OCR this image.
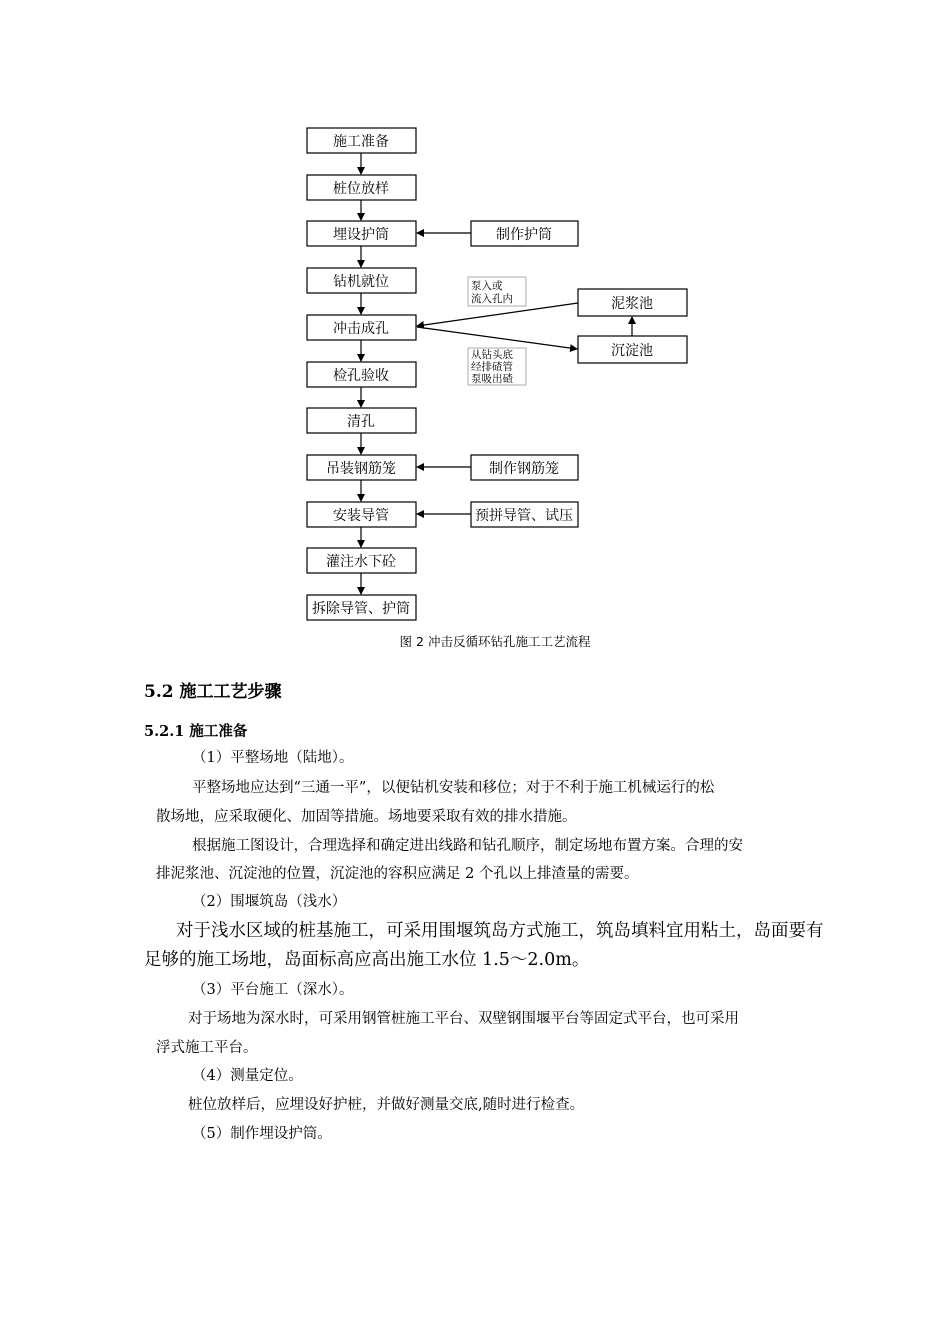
施工准备
桩位放样
埋设护筒
钻机就位
冲击成孔
检孔验收
清孔
吊装钢筋笼
安装导管
灌注水下砼
拆除导管、护筒
制作护筒
泥浆池
沉淀池
泵入或
流入孔内
从钻头底
经排碴管
泵吸出碴
制作钢筋笼
预拼导管、试压
图 2 冲击反循环钻孔施工工艺流程
5.2 施工工艺步骤
5.2.1 施工准备
（1）平整场地（陆地）。
平整场地应达到“三通一平”，以便钻机安装和移位；对于不利于施工机械运行的松
散场地，应采取硬化、加固等措施。场地要采取有效的排水措施。
根据施工图设计，合理选择和确定进出线路和钻孔顺序，制定场地布置方案。合理的安
排泥浆池、沉淀池的位置，沉淀池的容积应满足 2 个孔以上排渣量的需要。
（2）围堰筑岛（浅水）
对于浅水区域的桩基施工，可采用围堰筑岛方式施工，筑岛填料宜用粘土，岛面要有
足够的施工场地，岛面标高应高出施工水位 1.5～2.0m。
（3）平台施工（深水）。
对于场地为深水时，可采用钢管桩施工平台、双壁钢围堰平台等固定式平台，也可采用
浮式施工平台。
（4）测量定位。
桩位放样后，应埋设好护桩，并做好测量交底,随时进行检查。
（5）制作埋设护筒。
